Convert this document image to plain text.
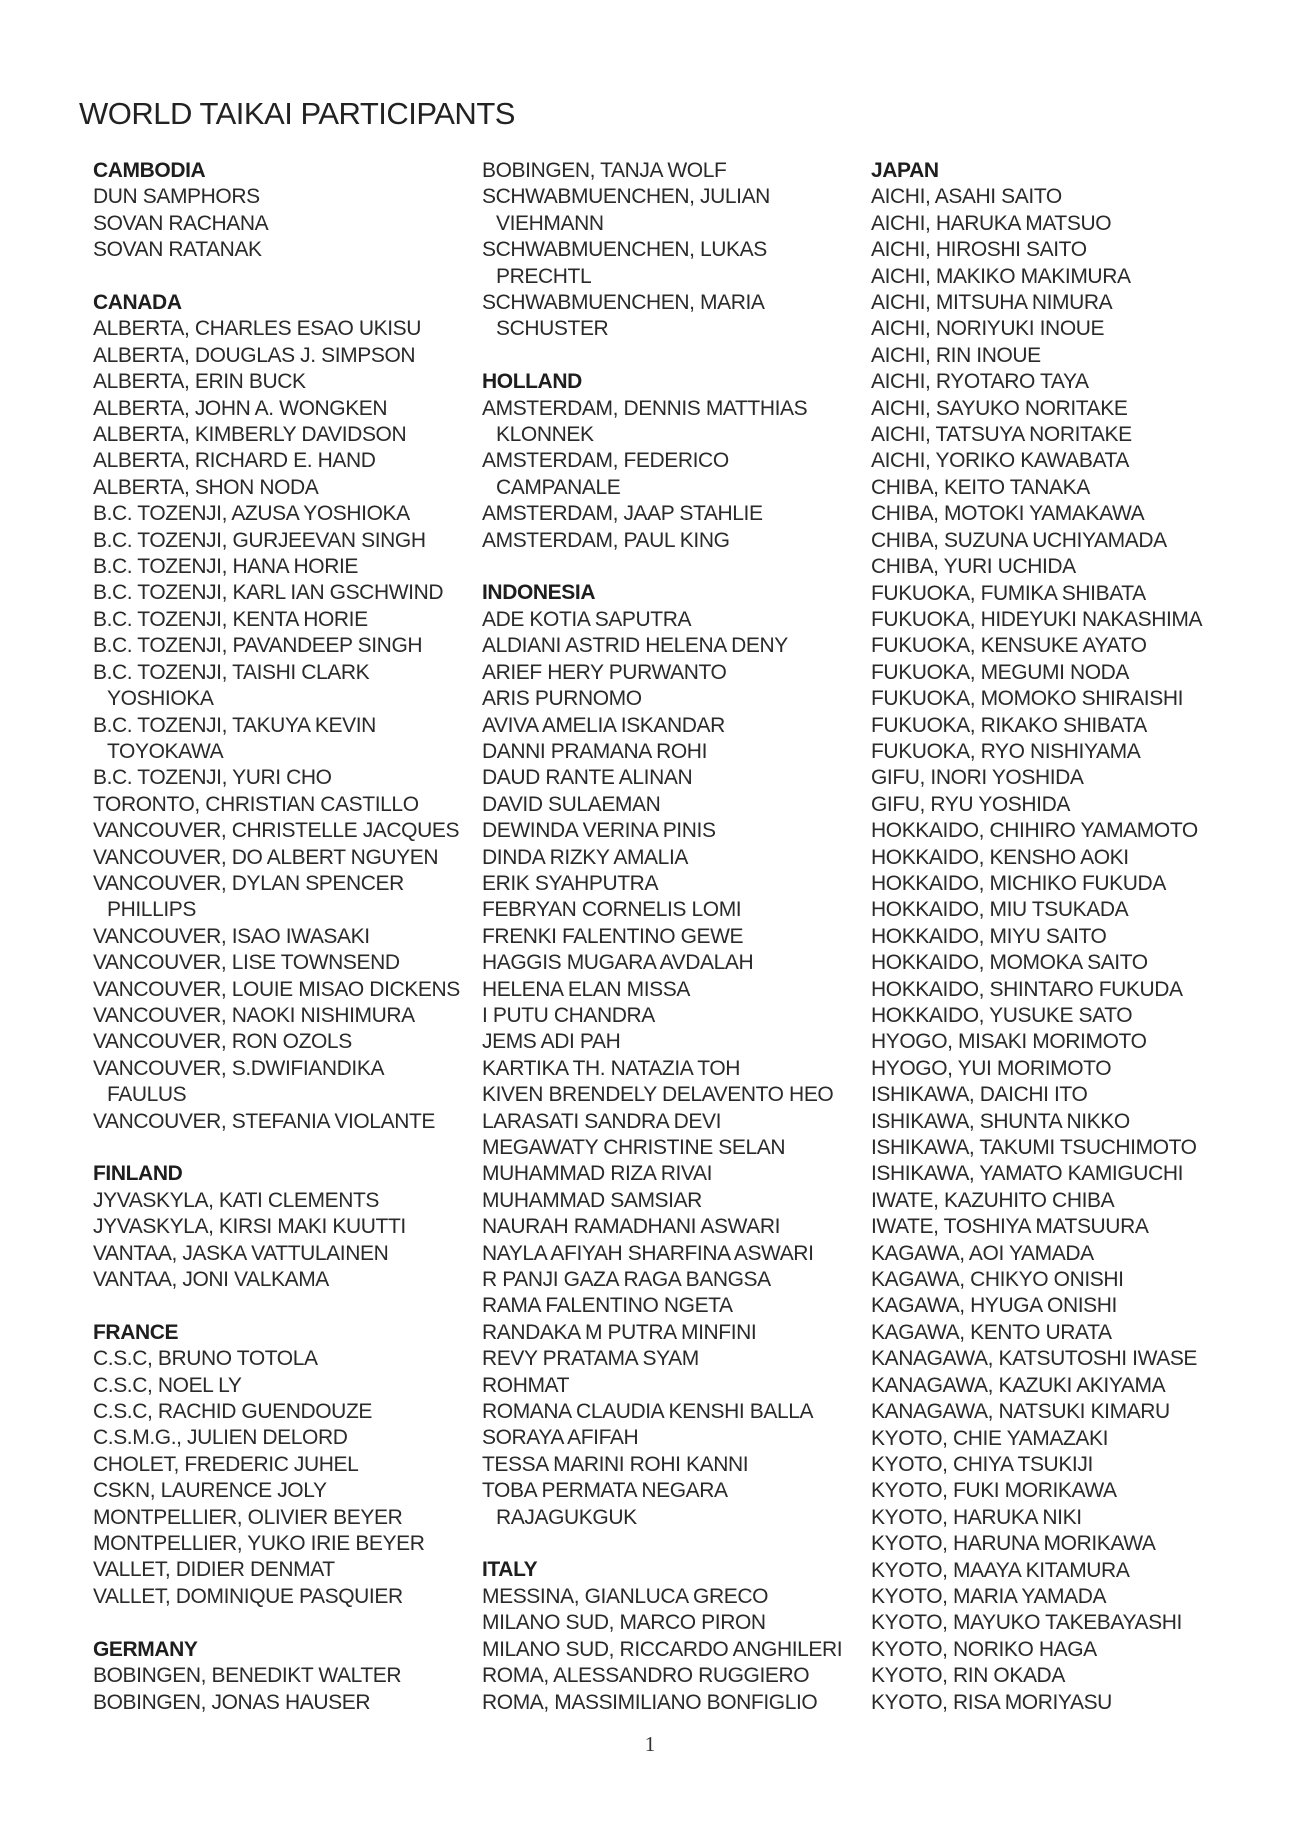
WORLD TAIKAI PARTICIPANTS
CAMBODIA
DUN SAMPHORS
SOVAN RACHANA
SOVAN RATANAK
CANADA
ALBERTA, CHARLES ESAO UKISU
ALBERTA, DOUGLAS J. SIMPSON
ALBERTA, ERIN BUCK
ALBERTA, JOHN A. WONGKEN
ALBERTA, KIMBERLY DAVIDSON
ALBERTA, RICHARD E. HAND
ALBERTA, SHON NODA
B.C. TOZENJI, AZUSA YOSHIOKA
B.C. TOZENJI, GURJEEVAN SINGH
B.C. TOZENJI, HANA HORIE
B.C. TOZENJI, KARL IAN GSCHWIND
B.C. TOZENJI, KENTA HORIE
B.C. TOZENJI, PAVANDEEP SINGH
B.C. TOZENJI, TAISHI CLARK
YOSHIOKA
B.C. TOZENJI, TAKUYA KEVIN
TOYOKAWA
B.C. TOZENJI, YURI CHO
TORONTO, CHRISTIAN CASTILLO
VANCOUVER, CHRISTELLE JACQUES
VANCOUVER, DO ALBERT NGUYEN
VANCOUVER, DYLAN SPENCER
PHILLIPS
VANCOUVER, ISAO IWASAKI
VANCOUVER, LISE TOWNSEND
VANCOUVER, LOUIE MISAO DICKENS
VANCOUVER, NAOKI NISHIMURA
VANCOUVER, RON OZOLS
VANCOUVER, S.DWIFIANDIKA
FAULUS
VANCOUVER, STEFANIA VIOLANTE
FINLAND
JYVASKYLA, KATI CLEMENTS
JYVASKYLA, KIRSI MAKI KUUTTI
VANTAA, JASKA VATTULAINEN
VANTAA, JONI VALKAMA
FRANCE
C.S.C, BRUNO TOTOLA
C.S.C, NOEL LY
C.S.C, RACHID GUENDOUZE
C.S.M.G., JULIEN DELORD
CHOLET, FREDERIC JUHEL
CSKN, LAURENCE JOLY
MONTPELLIER, OLIVIER BEYER
MONTPELLIER, YUKO IRIE BEYER
VALLET, DIDIER DENMAT
VALLET, DOMINIQUE PASQUIER
GERMANY
BOBINGEN, BENEDIKT WALTER
BOBINGEN, JONAS HAUSER
BOBINGEN, TANJA WOLF
SCHWABMUENCHEN, JULIAN
VIEHMANN
SCHWABMUENCHEN, LUKAS
PRECHTL
SCHWABMUENCHEN, MARIA
SCHUSTER
HOLLAND
AMSTERDAM, DENNIS MATTHIAS
KLONNEK
AMSTERDAM, FEDERICO
CAMPANALE
AMSTERDAM, JAAP STAHLIE
AMSTERDAM, PAUL KING
INDONESIA
ADE KOTIA SAPUTRA
ALDIANI ASTRID HELENA DENY
ARIEF HERY PURWANTO
ARIS PURNOMO
AVIVA AMELIA ISKANDAR
DANNI PRAMANA ROHI
DAUD RANTE ALINAN
DAVID SULAEMAN
DEWINDA VERINA PINIS
DINDA RIZKY AMALIA
ERIK SYAHPUTRA
FEBRYAN CORNELIS LOMI
FRENKI FALENTINO GEWE
HAGGIS MUGARA AVDALAH
HELENA ELAN MISSA
I PUTU CHANDRA
JEMS ADI PAH
KARTIKA TH. NATAZIA TOH
KIVEN BRENDELY DELAVENTO HEO
LARASATI SANDRA DEVI
MEGAWATY CHRISTINE SELAN
MUHAMMAD RIZA RIVAI
MUHAMMAD SAMSIAR
NAURAH RAMADHANI ASWARI
NAYLA AFIYAH SHARFINA ASWARI
R PANJI GAZA RAGA BANGSA
RAMA FALENTINO NGETA
RANDAKA M PUTRA MINFINI
REVY PRATAMA SYAM
ROHMAT
ROMANA CLAUDIA KENSHI BALLA
SORAYA AFIFAH
TESSA MARINI ROHI KANNI
TOBA PERMATA NEGARA
RAJAGUKGUK
ITALY
MESSINA, GIANLUCA GRECO
MILANO SUD, MARCO PIRON
MILANO SUD, RICCARDO ANGHILERI
ROMA, ALESSANDRO RUGGIERO
ROMA, MASSIMILIANO BONFIGLIO
JAPAN
AICHI, ASAHI SAITO
AICHI, HARUKA MATSUO
AICHI, HIROSHI SAITO
AICHI, MAKIKO MAKIMURA
AICHI, MITSUHA NIMURA
AICHI, NORIYUKI INOUE
AICHI, RIN INOUE
AICHI, RYOTARO TAYA
AICHI, SAYUKO NORITAKE
AICHI, TATSUYA NORITAKE
AICHI, YORIKO KAWABATA
CHIBA, KEITO TANAKA
CHIBA, MOTOKI YAMAKAWA
CHIBA, SUZUNA UCHIYAMADA
CHIBA, YURI UCHIDA
FUKUOKA, FUMIKA SHIBATA
FUKUOKA, HIDEYUKI NAKASHIMA
FUKUOKA, KENSUKE AYATO
FUKUOKA, MEGUMI NODA
FUKUOKA, MOMOKO SHIRAISHI
FUKUOKA, RIKAKO SHIBATA
FUKUOKA, RYO NISHIYAMA
GIFU, INORI YOSHIDA
GIFU, RYU YOSHIDA
HOKKAIDO, CHIHIRO YAMAMOTO
HOKKAIDO, KENSHO AOKI
HOKKAIDO, MICHIKO FUKUDA
HOKKAIDO, MIU TSUKADA
HOKKAIDO, MIYU SAITO
HOKKAIDO, MOMOKA SAITO
HOKKAIDO, SHINTARO FUKUDA
HOKKAIDO, YUSUKE SATO
HYOGO, MISAKI MORIMOTO
HYOGO, YUI MORIMOTO
ISHIKAWA, DAICHI ITO
ISHIKAWA, SHUNTA NIKKO
ISHIKAWA, TAKUMI TSUCHIMOTO
ISHIKAWA, YAMATO KAMIGUCHI
IWATE, KAZUHITO CHIBA
IWATE, TOSHIYA MATSUURA
KAGAWA, AOI YAMADA
KAGAWA, CHIKYO ONISHI
KAGAWA, HYUGA ONISHI
KAGAWA, KENTO URATA
KANAGAWA, KATSUTOSHI IWASE
KANAGAWA, KAZUKI AKIYAMA
KANAGAWA, NATSUKI KIMARU
KYOTO, CHIE YAMAZAKI
KYOTO, CHIYA TSUKIJI
KYOTO, FUKI MORIKAWA
KYOTO, HARUKA NIKI
KYOTO, HARUNA MORIKAWA
KYOTO, MAAYA KITAMURA
KYOTO, MARIA YAMADA
KYOTO, MAYUKO TAKEBAYASHI
KYOTO, NORIKO HAGA
KYOTO, RIN OKADA
KYOTO, RISA MORIYASU
1
